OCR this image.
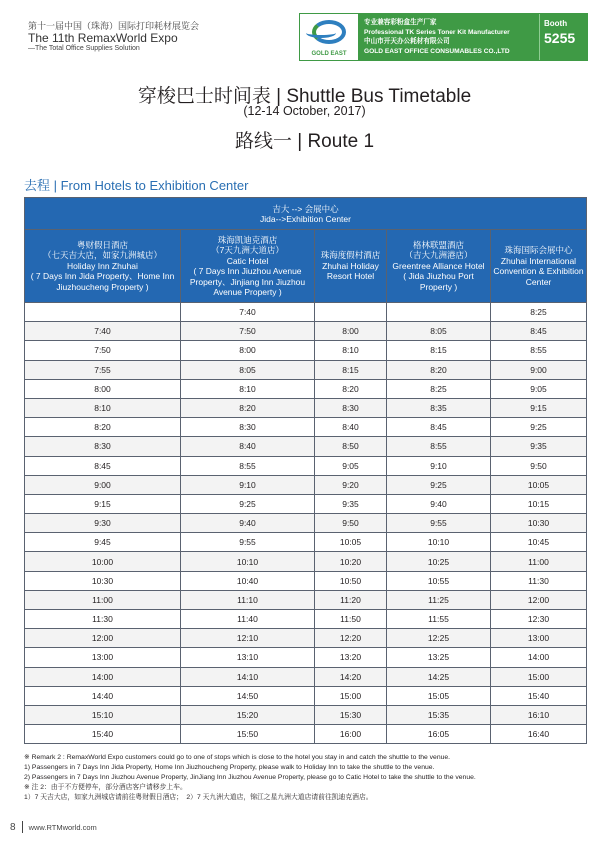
第十一届中国（珠海）国际打印耗材展览会
The 11th RemaxWorld Expo
—The Total Office Supplies Solution
GOLD EAST
专业兼容彩粉盒生产厂家
Professional TK Series Toner Kit Manufacturer
中山市开天办公耗材有限公司
GOLD EAST OFFICE CONSUMABLES CO.,LTD
Booth
5255
穿梭巴士时间表 | Shuttle Bus Timetable
(12-14 October, 2017)
路线一 | Route 1
去程 | From Hotels to Exhibition Center
吉大 --> 会展中心
Jida-->Exhibition Center				

粤财假日酒店
（七天吉大店，如家九洲城店）
Holiday Inn Zhuhai
( 7 Days Inn Jida Property、Home Inn Jiuzhoucheng Property )	珠海凯迪克酒店
（7天九洲大道店）
Catic Hotel
( 7 Days Inn Jiuzhou Avenue Property、Jinjiang Inn Jiuzhou Avenue Property )	珠海度假村酒店
Zhuhai Holiday Resort Hotel	格林联盟酒店
（吉大九洲港店）
Greentree Alliance Hotel
( Jida Jiuzhou Port Property )	珠海国际会展中心
Zhuhai International Convention & Exhibition Center

	7:40			8:25
7:40	7:50	8:00	8:05	8:45
7:50	8:00	8:10	8:15	8:55
7:55	8:05	8:15	8:20	9:00
8:00	8:10	8:20	8:25	9:05
8:10	8:20	8:30	8:35	9:15
8:20	8:30	8:40	8:45	9:25
8:30	8:40	8:50	8:55	9:35
8:45	8:55	9:05	9:10	9:50
9:00	9:10	9:20	9:25	10:05
9:15	9:25	9:35	9:40	10:15
9:30	9:40	9:50	9:55	10:30
9:45	9:55	10:05	10:10	10:45
10:00	10:10	10:20	10:25	11:00
10:30	10:40	10:50	10:55	11:30
11:00	11:10	11:20	11:25	12:00
11:30	11:40	11:50	11:55	12:30
12:00	12:10	12:20	12:25	13:00
13:00	13:10	13:20	13:25	14:00
14:00	14:10	14:20	14:25	15:00
14:40	14:50	15:00	15:05	15:40
15:10	15:20	15:30	15:35	16:10
15:40	15:50	16:00	16:05	16:40
※ Remark 2 : RemaxWorld Expo customers could go to one of stops which is close to the hotel you stay in and catch the shuttle to the venue.
1) Passengers in 7 Days Inn Jida Property, Home Inn Jiuzhoucheng Property, please walk to Holiday Inn to take the shuttle to the venue.
2) Passengers in 7 Days Inn Jiuzhou Avenue Property, JinJiang Inn Jiuzhou Avenue Property, please go to Catic Hotel to take the shuttle to the venue.
※ 注 2：由于不方便停车，部分酒店客户请移步上车。
1）7 天吉大店，如家九洲城店请前往粤财假日酒店；　2）7 天九洲大道店，锦江之星九洲大道店请前往凯迪克酒店。
8 www.RTMworld.com
